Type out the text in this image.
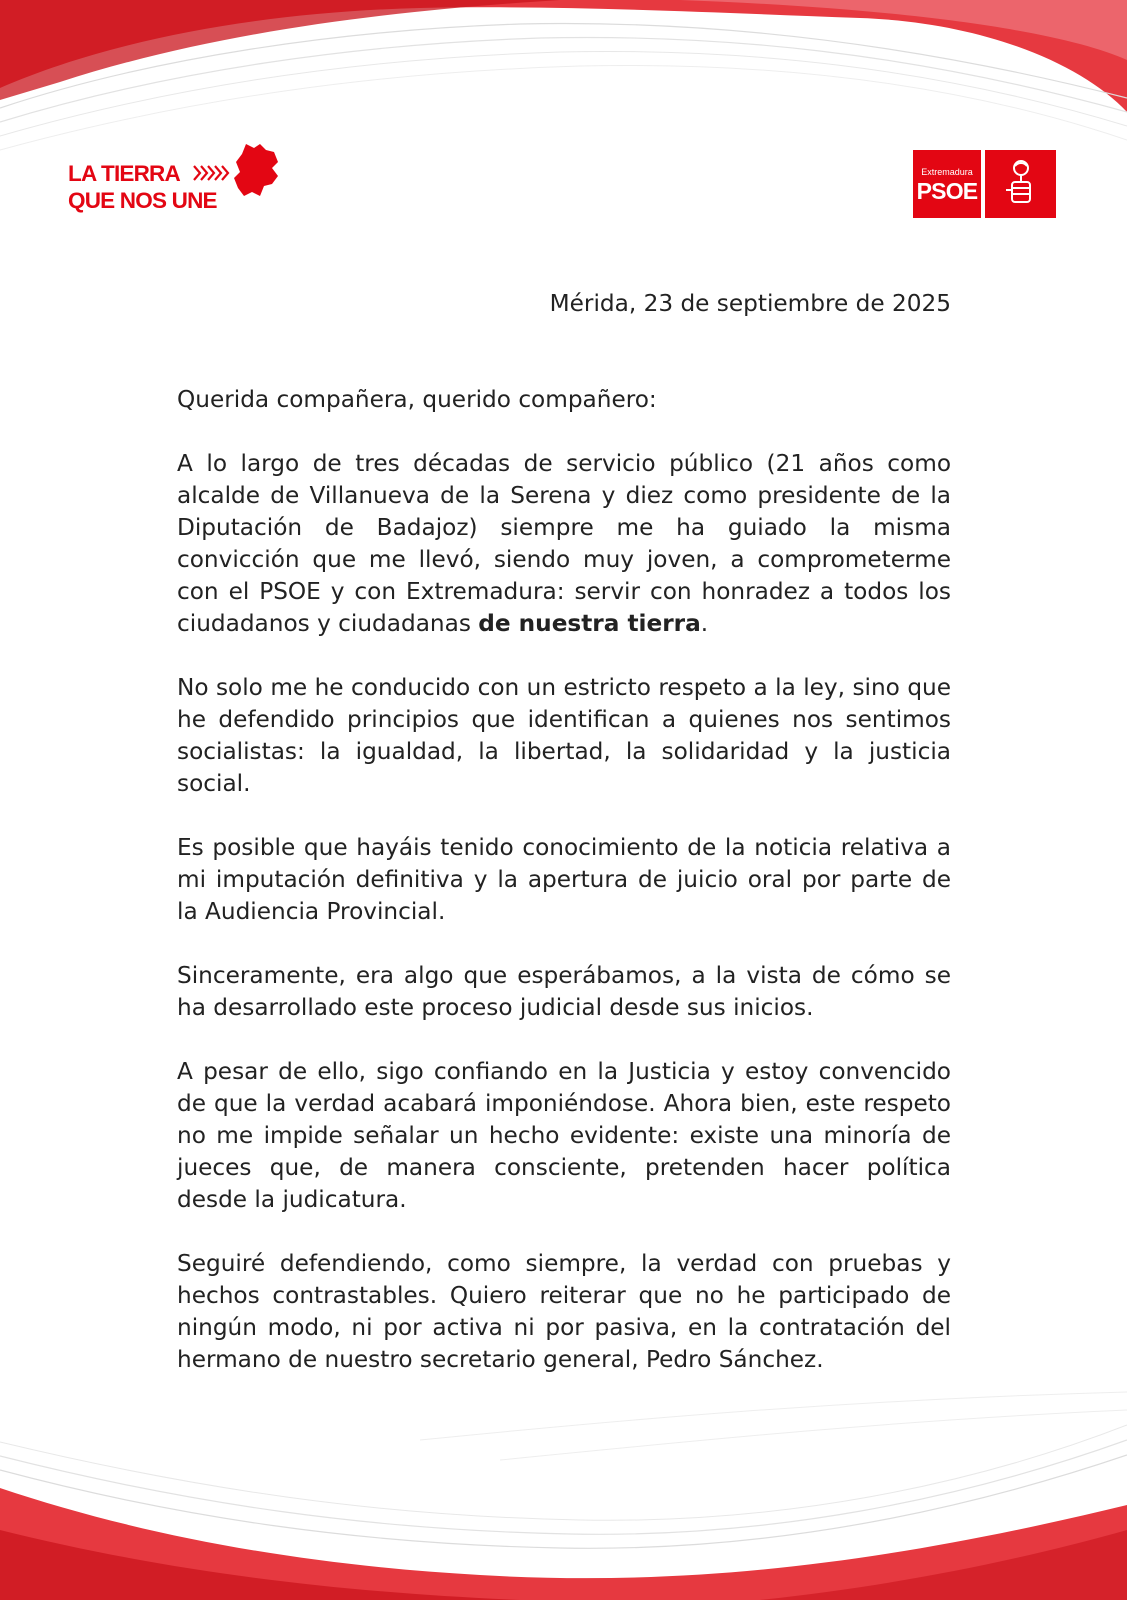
LA TIERRA
QUE NOS UNE
Extremadura
PSOE

Mérida, 23 de septiembre de 2025

Querida compañera, querido compañero:

A lo largo de tres décadas de servicio público (21 años como alcalde de Villanueva de la Serena y diez como presidente de la Diputación de Badajoz) siempre me ha guiado la misma convicción que me llevó, siendo muy joven, a comprometerme con el PSOE y con Extremadura: servir con honradez a todos los ciudadanos y ciudadanas de nuestra tierra.

No solo me he conducido con un estricto respeto a la ley, sino que he defendido principios que identifican a quienes nos sentimos socialistas: la igualdad, la libertad, la solidaridad y la justicia social.

Es posible que hayáis tenido conocimiento de la noticia relativa a mi imputación definitiva y la apertura de juicio oral por parte de la Audiencia Provincial.

Sinceramente, era algo que esperábamos, a la vista de cómo se ha desarrollado este proceso judicial desde sus inicios.

A pesar de ello, sigo confiando en la Justicia y estoy convencido de que la verdad acabará imponiéndose. Ahora bien, este respeto no me impide señalar un hecho evidente: existe una minoría de jueces que, de manera consciente, pretenden hacer política desde la judicatura.

Seguiré defendiendo, como siempre, la verdad con pruebas y hechos contrastables. Quiero reiterar que no he participado de ningún modo, ni por activa ni por pasiva, en la contratación del hermano de nuestro secretario general, Pedro Sánchez.
